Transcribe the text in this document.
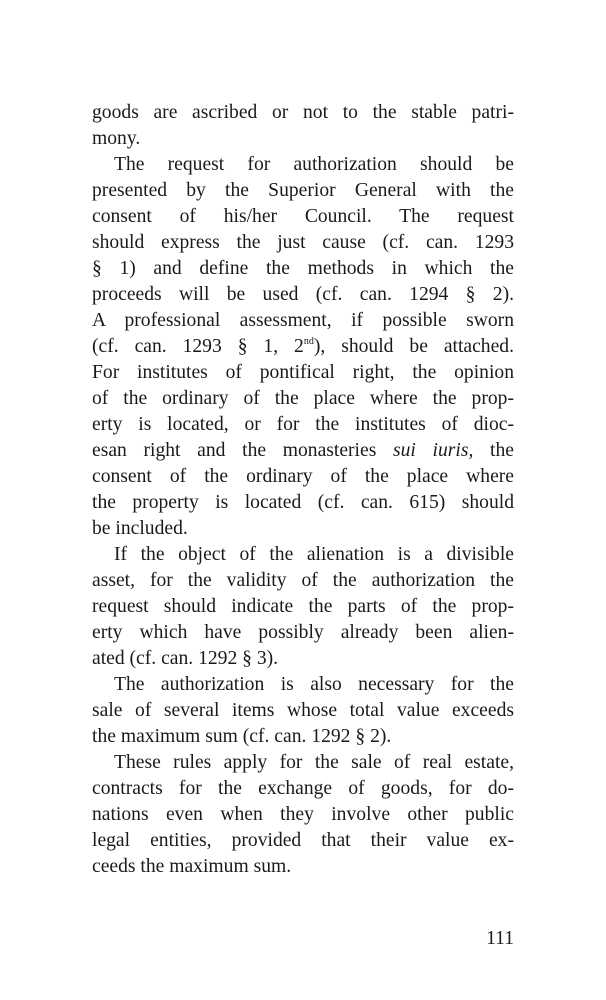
goods are ascribed or not to the stable patri-
mony.
The request for authorization should be
presented by the Superior General with the
consent of his/her Council. The request
should express the just cause (cf. can. 1293
§ 1) and define the methods in which the
proceeds will be used (cf. can. 1294 § 2).
A professional assessment, if possible sworn
(cf. can. 1293 § 1, 2nd), should be attached.
For institutes of pontifical right, the opinion
of the ordinary of the place where the prop-
erty is located, or for the institutes of dioc-
esan right and the monasteries sui iuris, the
consent of the ordinary of the place where
the property is located (cf. can. 615) should
be included.
If the object of the alienation is a divisible
asset, for the validity of the authorization the
request should indicate the parts of the prop-
erty which have possibly already been alien-
ated (cf. can. 1292 § 3).
The authorization is also necessary for the
sale of several items whose total value exceeds
the maximum sum (cf. can. 1292 § 2).
These rules apply for the sale of real estate,
contracts for the exchange of goods, for do-
nations even when they involve other public
legal entities, provided that their value ex-
ceeds the maximum sum.
111
